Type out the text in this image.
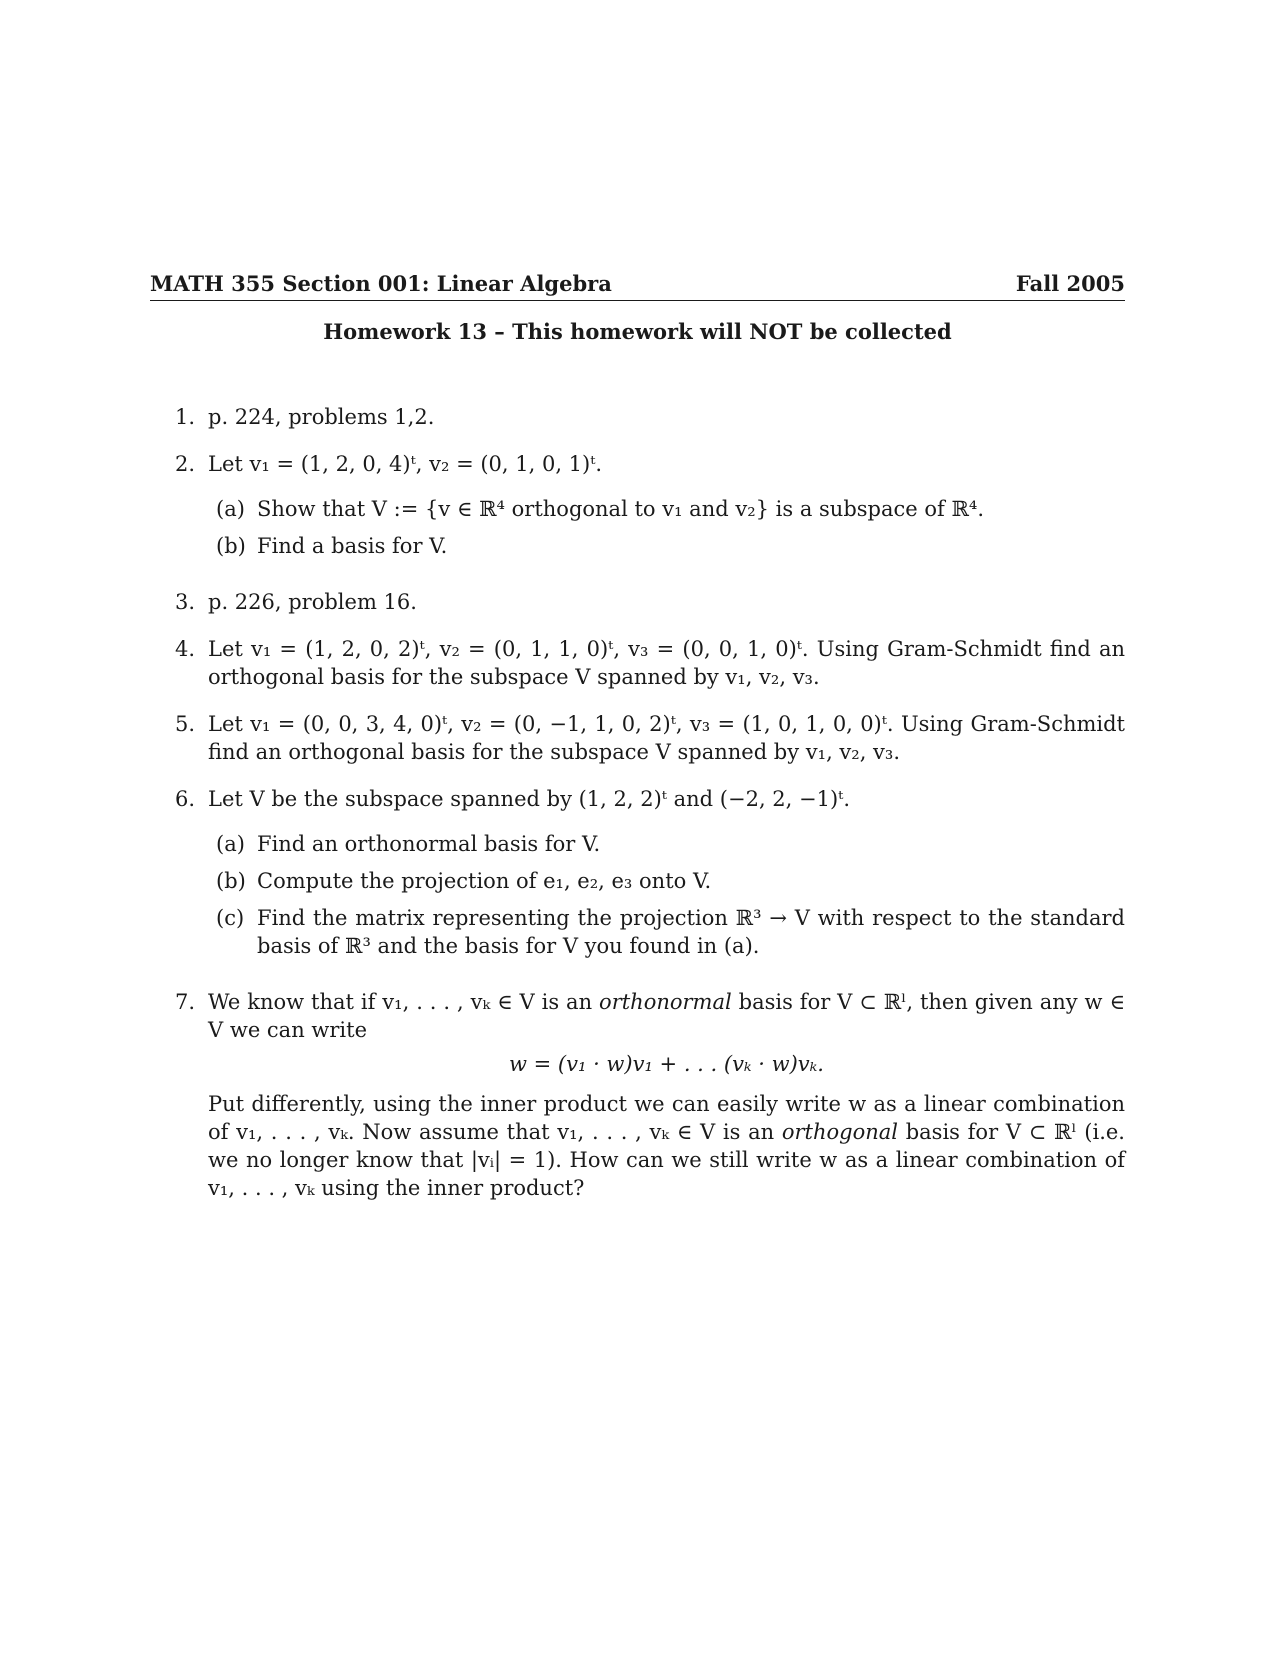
MATH 355 Section 001: Linear Algebra	Fall 2005
Homework 13 – This homework will NOT be collected
1. p. 224, problems 1,2.
2. Let v₁ = (1, 2, 0, 4)ᵗ, v₂ = (0, 1, 0, 1)ᵗ.
(a) Show that V := {v ∈ ℝ⁴ orthogonal to v₁ and v₂} is a subspace of ℝ⁴.
(b) Find a basis for V.
3. p. 226, problem 16.
4. Let v₁ = (1, 2, 0, 2)ᵗ, v₂ = (0, 1, 1, 0)ᵗ, v₃ = (0, 0, 1, 0)ᵗ. Using Gram-Schmidt find an orthogonal basis for the subspace V spanned by v₁, v₂, v₃.
5. Let v₁ = (0, 0, 3, 4, 0)ᵗ, v₂ = (0, −1, 1, 0, 2)ᵗ, v₃ = (1, 0, 1, 0, 0)ᵗ. Using Gram-Schmidt find an orthogonal basis for the subspace V spanned by v₁, v₂, v₃.
6. Let V be the subspace spanned by (1, 2, 2)ᵗ and (−2, 2, −1)ᵗ.
(a) Find an orthonormal basis for V.
(b) Compute the projection of e₁, e₂, e₃ onto V.
(c) Find the matrix representing the projection ℝ³ → V with respect to the standard basis of ℝ³ and the basis for V you found in (a).
7. We know that if v₁, . . . , vₖ ∈ V is an orthonormal basis for V ⊂ ℝˡ, then given any w ∈ V we can write
w = (v₁ · w)v₁ + . . . (vₖ · w)vₖ.
Put differently, using the inner product we can easily write w as a linear combination of v₁, . . . , vₖ. Now assume that v₁, . . . , vₖ ∈ V is an orthogonal basis for V ⊂ ℝˡ (i.e. we no longer know that |vᵢ| = 1). How can we still write w as a linear combination of v₁, . . . , vₖ using the inner product?
